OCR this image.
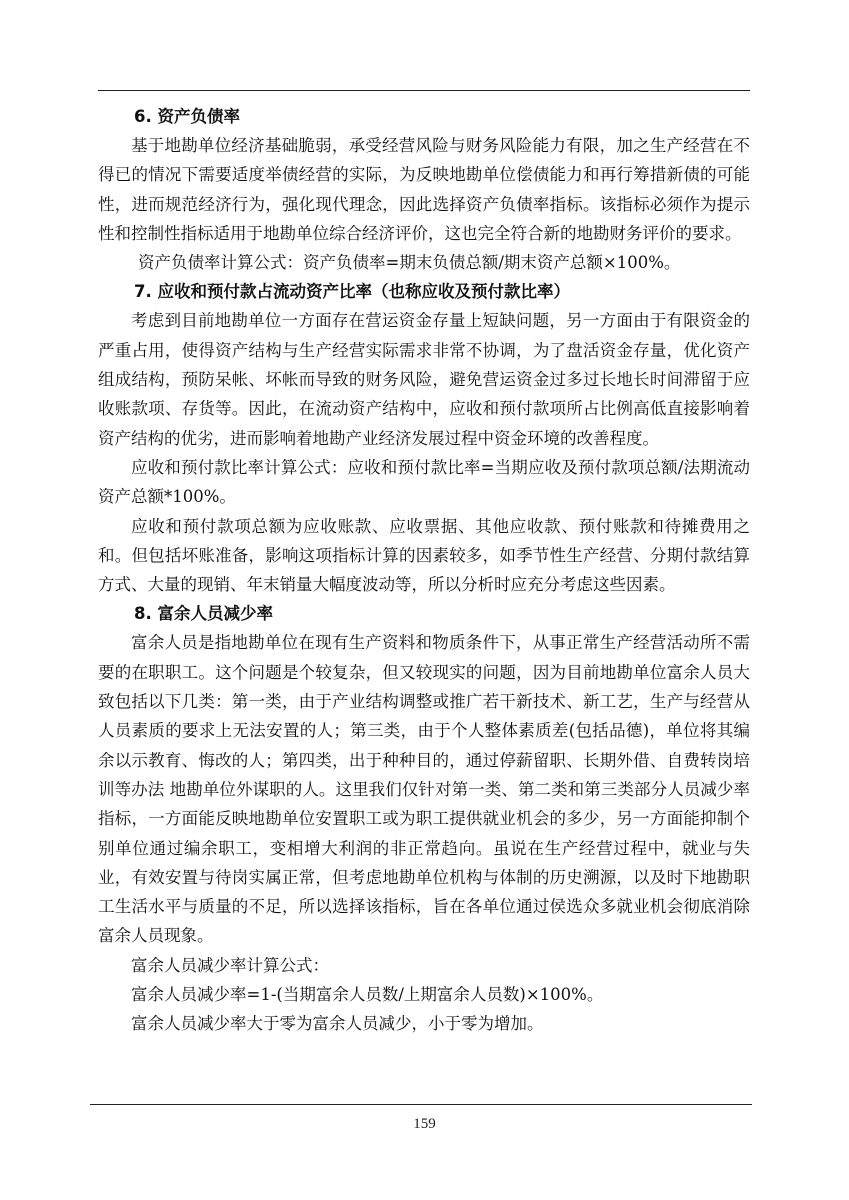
6. 资产负债率

基于地勘单位经济基础脆弱，承受经营风险与财务风险能力有限，加之生产经营在不得已的情况下需要适度举债经营的实际，为反映地勘单位偿债能力和再行筹措新债的可能性，进而规范经济行为，强化现代理念，因此选择资产负债率指标。该指标必须作为提示性和控制性指标适用于地勘单位综合经济评价，这也完全符合新的地勘财务评价的要求。

资产负债率计算公式：资产负债率=期末负债总额/期末资产总额×100%。

7. 应收和预付款占流动资产比率（也称应收及预付款比率）

考虑到目前地勘单位一方面存在营运资金存量上短缺问题，另一方面由于有限资金的严重占用，使得资产结构与生产经营实际需求非常不协调，为了盘活资金存量，优化资产组成结构，预防呆帐、坏帐而导致的财务风险，避免营运资金过多过长地长时间滞留于应收账款项、存货等。因此，在流动资产结构中，应收和预付款项所占比例高低直接影响着资产结构的优劣，进而影响着地勘产业经济发展过程中资金环境的改善程度。

应收和预付款比率计算公式：应收和预付款比率=当期应收及预付款项总额/法期流动资产总额*100%。

应收和预付款项总额为应收账款、应收票据、其他应收款、预付账款和待摊费用之和。但包括坏账准备，影响这项指标计算的因素较多，如季节性生产经营、分期付款结算方式、大量的现销、年末销量大幅度波动等，所以分析时应充分考虑这些因素。

8. 富余人员减少率

富余人员是指地勘单位在现有生产资料和物质条件下，从事正常生产经营活动所不需要的在职职工。这个问题是个较复杂，但又较现实的问题，因为目前地勘单位富余人员大致包括以下几类：第一类，由于产业结构调整或推广若干新技术、新工艺，生产与经营从人员素质的要求上无法安置的人；第三类，由于个人整体素质差(包括品德)，单位将其编余以示教育、悔改的人；第四类，出于种种目的，通过停薪留职、长期外借、自费转岗培训等办法 地勘单位外谋职的人。这里我们仅针对第一类、第二类和第三类部分人员减少率指标，一方面能反映地勘单位安置职工或为职工提供就业机会的多少，另一方面能抑制个别单位通过编余职工，变相增大利润的非正常趋向。虽说在生产经营过程中，就业与失业，有效安置与待岗实属正常，但考虑地勘单位机构与体制的历史溯源，以及时下地勘职工生活水平与质量的不足，所以选择该指标，旨在各单位通过侯选众多就业机会彻底消除富余人员现象。

富余人员减少率计算公式：

富余人员减少率=1-(当期富余人员数/上期富余人员数)×100%。

富余人员减少率大于零为富余人员减少，小于零为增加。

159
